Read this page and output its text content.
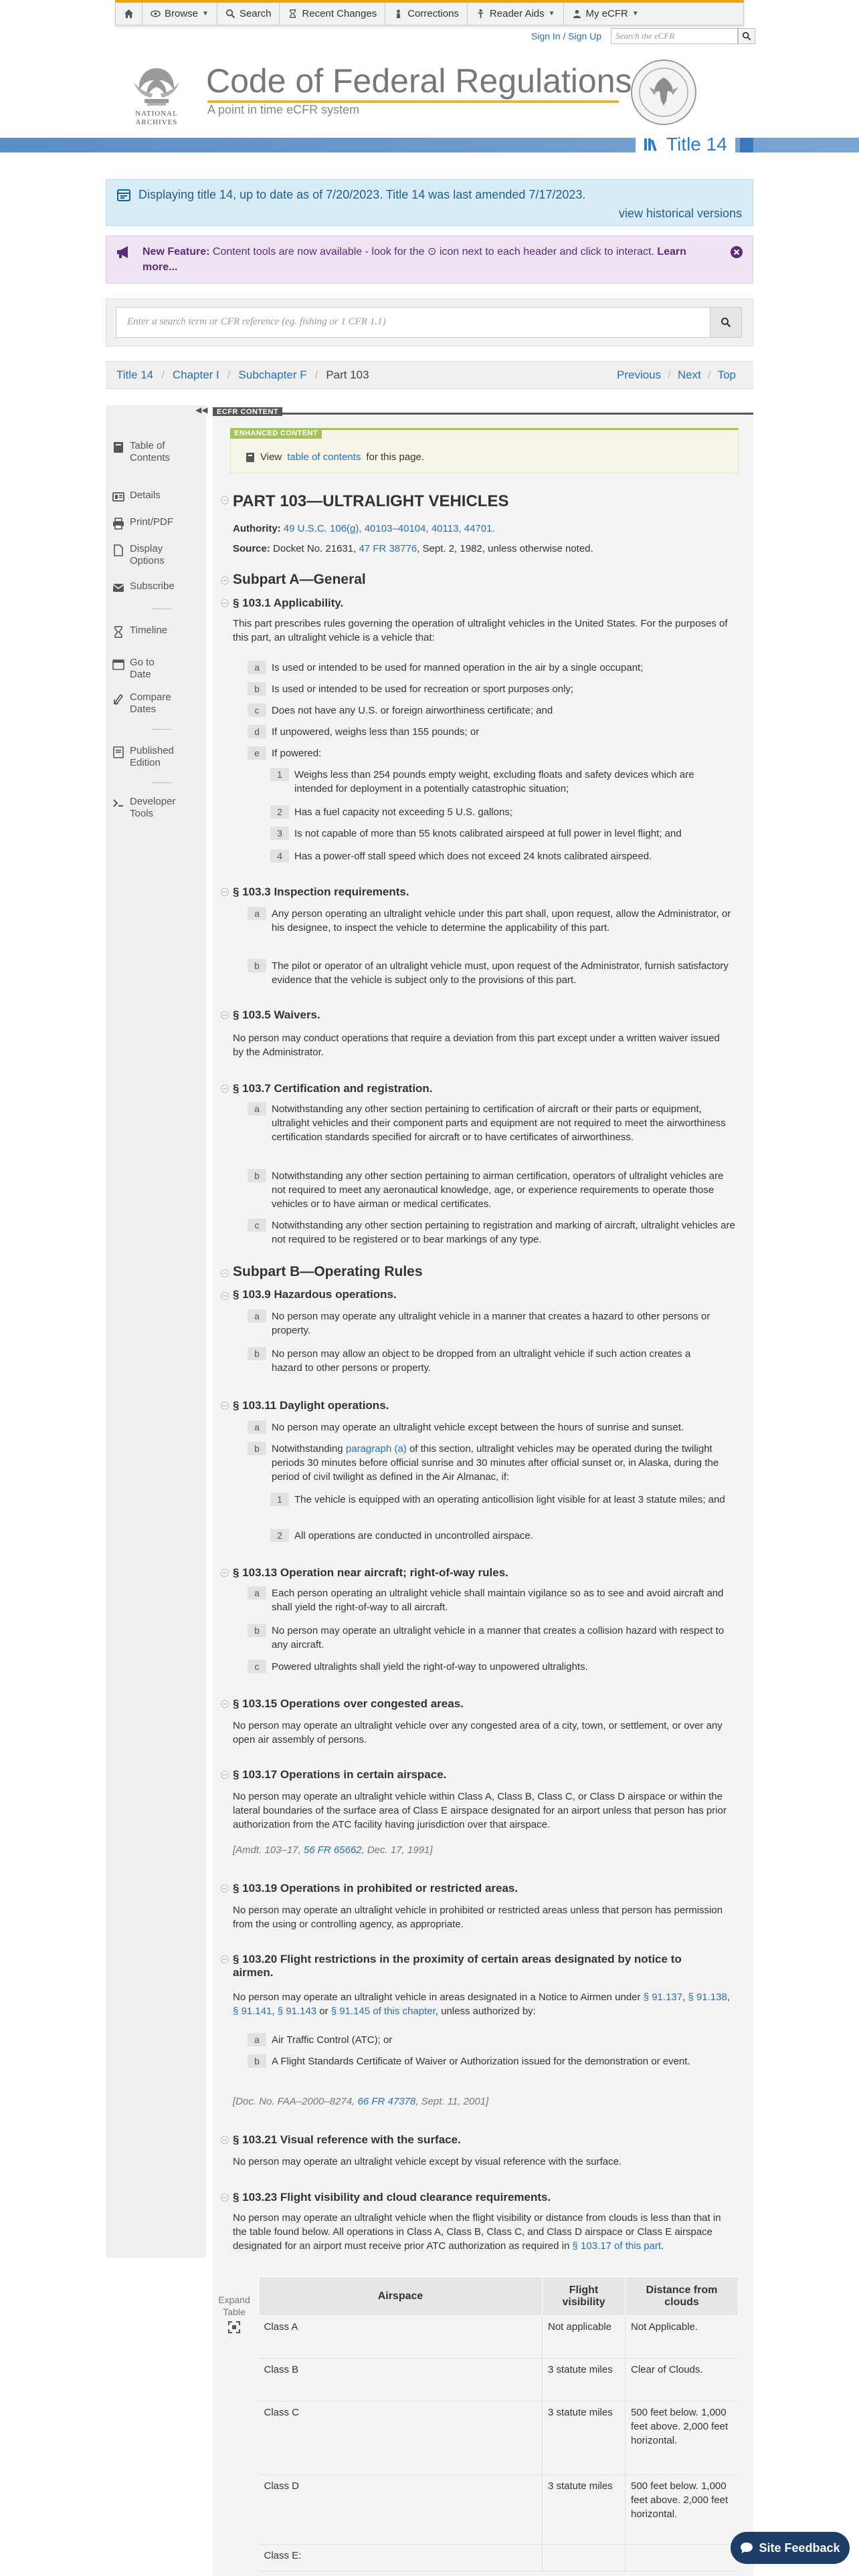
Browse ▼	Search	Recent Changes	Corrections	Reader Aids ▼	My eCFR ▼
Sign In / Sign Up	Search the eCFR
NATIONAL
ARCHIVES
Code of Federal Regulations
A point in time eCFR system
Title 14
Displaying title 14, up to date as of 7/20/2023. Title 14 was last amended 7/17/2023.
view historical versions
New Feature: Content tools are now available - look for the ⊙ icon next to each header and click to interact. Learn more...
Enter a search term or CFR reference (eg. fishing or 1 CFR 1.1)
Title 14 / Chapter I / Subchapter F / Part 103	Previous / Next / Top
◀◀
Table of Contents
Details
Print/PDF
Display Options
Subscribe
Timeline
Go to Date
Compare Dates
Published Edition
Developer Tools
ECFR CONTENT
ENHANCED CONTENT
View table of contents for this page.
PART 103—ULTRALIGHT VEHICLES
Authority: 49 U.S.C. 106(g), 40103–40104, 40113, 44701.
Source: Docket No. 21631, 47 FR 38776, Sept. 2, 1982, unless otherwise noted.
Subpart A—General
§ 103.1 Applicability.
This part prescribes rules governing the operation of ultralight vehicles in the United States. For the purposes of this part, an ultralight vehicle is a vehicle that:
a	Is used or intended to be used for manned operation in the air by a single occupant;
b	Is used or intended to be used for recreation or sport purposes only;
c	Does not have any U.S. or foreign airworthiness certificate; and
d	If unpowered, weighs less than 155 pounds; or
e	If powered:
1	Weighs less than 254 pounds empty weight, excluding floats and safety devices which are intended for deployment in a potentially catastrophic situation;
2	Has a fuel capacity not exceeding 5 U.S. gallons;
3	Is not capable of more than 55 knots calibrated airspeed at full power in level flight; and
4	Has a power-off stall speed which does not exceed 24 knots calibrated airspeed.
§ 103.3 Inspection requirements.
a	Any person operating an ultralight vehicle under this part shall, upon request, allow the Administrator, or his designee, to inspect the vehicle to determine the applicability of this part.
b	The pilot or operator of an ultralight vehicle must, upon request of the Administrator, furnish satisfactory evidence that the vehicle is subject only to the provisions of this part.
§ 103.5 Waivers.
No person may conduct operations that require a deviation from this part except under a written waiver issued by the Administrator.
§ 103.7 Certification and registration.
a	Notwithstanding any other section pertaining to certification of aircraft or their parts or equipment, ultralight vehicles and their component parts and equipment are not required to meet the airworthiness certification standards specified for aircraft or to have certificates of airworthiness.
b	Notwithstanding any other section pertaining to airman certification, operators of ultralight vehicles are not required to meet any aeronautical knowledge, age, or experience requirements to operate those vehicles or to have airman or medical certificates.
c	Notwithstanding any other section pertaining to registration and marking of aircraft, ultralight vehicles are not required to be registered or to bear markings of any type.
Subpart B—Operating Rules
§ 103.9 Hazardous operations.
a	No person may operate any ultralight vehicle in a manner that creates a hazard to other persons or property.
b	No person may allow an object to be dropped from an ultralight vehicle if such action creates a hazard to other persons or property.
§ 103.11 Daylight operations.
a	No person may operate an ultralight vehicle except between the hours of sunrise and sunset.
b	Notwithstanding paragraph (a) of this section, ultralight vehicles may be operated during the twilight periods 30 minutes before official sunrise and 30 minutes after official sunset or, in Alaska, during the period of civil twilight as defined in the Air Almanac, if:
1	The vehicle is equipped with an operating anticollision light visible for at least 3 statute miles; and
2	All operations are conducted in uncontrolled airspace.
§ 103.13 Operation near aircraft; right-of-way rules.
a	Each person operating an ultralight vehicle shall maintain vigilance so as to see and avoid aircraft and shall yield the right-of-way to all aircraft.
b	No person may operate an ultralight vehicle in a manner that creates a collision hazard with respect to any aircraft.
c	Powered ultralights shall yield the right-of-way to unpowered ultralights.
§ 103.15 Operations over congested areas.
No person may operate an ultralight vehicle over any congested area of a city, town, or settlement, or over any open air assembly of persons.
§ 103.17 Operations in certain airspace.
No person may operate an ultralight vehicle within Class A, Class B, Class C, or Class D airspace or within the lateral boundaries of the surface area of Class E airspace designated for an airport unless that person has prior authorization from the ATC facility having jurisdiction over that airspace.
[Amdt. 103–17, 56 FR 65662, Dec. 17, 1991]
§ 103.19 Operations in prohibited or restricted areas.
No person may operate an ultralight vehicle in prohibited or restricted areas unless that person has permission from the using or controlling agency, as appropriate.
§ 103.20 Flight restrictions in the proximity of certain areas designated by notice to
airmen.
No person may operate an ultralight vehicle in areas designated in a Notice to Airmen under § 91.137, § 91.138, § 91.141, § 91.143 or § 91.145 of this chapter, unless authorized by:
a	Air Traffic Control (ATC); or
b	A Flight Standards Certificate of Waiver or Authorization issued for the demonstration or event.
[Doc. No. FAA–2000–8274, 66 FR 47378, Sept. 11, 2001]
§ 103.21 Visual reference with the surface.
No person may operate an ultralight vehicle except by visual reference with the surface.
§ 103.23 Flight visibility and cloud clearance requirements.
No person may operate an ultralight vehicle when the flight visibility or distance from clouds is less than that in the table found below. All operations in Class A, Class B, Class C, and Class D airspace or Class E airspace designated for an airport must receive prior ATC authorization as required in § 103.17 of this part.
Expand Table
Airspace	Flight visibility	Distance from clouds
Class A	Not applicable	Not Applicable.
Class B	3 statute miles	Clear of Clouds.
Class C	3 statute miles	500 feet below. 1,000 feet above. 2,000 feet horizontal.
Class D	3 statute miles	500 feet below. 1,000 feet above. 2,000 feet horizontal.
Class E:		
Site Feedback
